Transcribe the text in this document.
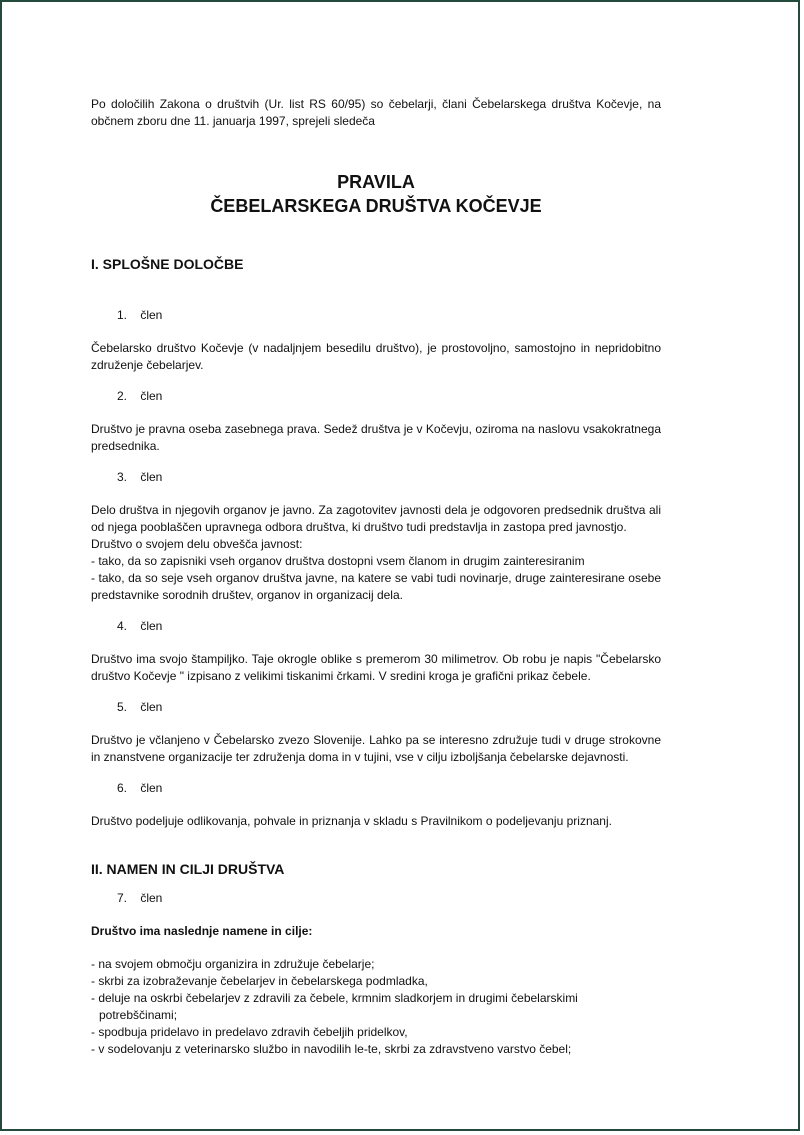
Po določilih Zakona o društvih (Ur. list RS 60/95) so čebelarji, člani Čebelarskega društva Kočevje, na občnem zboru dne 11. januarja 1997, sprejeli sledeča

PRAVILA

ČEBELARSKEGA DRUŠTVA KOČEVJE

I. SPLOŠNE DOLOČBE

1. člen

Čebelarsko društvo Kočevje (v nadaljnjem besedilu društvo), je prostovoljno, samostojno in nepridobitno združenje čebelarjev.

2. člen

Društvo je pravna oseba zasebnega prava. Sedež društva je v Kočevju, oziroma na naslovu vsakokratnega predsednika.

3. člen

Delo društva in njegovih organov je javno. Za zagotovitev javnosti dela je odgovoren predsednik društva ali od njega pooblaščen upravnega odbora društva, ki društvo tudi predstavlja in zastopa pred javnostjo.

Društvo o svojem delu obvešča javnost:

- tako, da so zapisniki vseh organov društva dostopni vsem članom in drugim zainteresiranim

- tako, da so seje vseh organov društva javne, na katere se vabi tudi novinarje, druge zainteresirane osebe predstavnike sorodnih društev, organov in organizacij dela.

4. člen

Društvo ima svojo štampiljko. Taje okrogle oblike s premerom 30 milimetrov. Ob robu je napis "Čebelarsko društvo Kočevje " izpisano z velikimi tiskanimi črkami. V sredini kroga je grafični prikaz čebele.

5. člen

Društvo je včlanjeno v Čebelarsko zvezo Slovenije. Lahko pa se interesno združuje tudi v druge strokovne in znanstvene organizacije ter združenja doma in v tujini, vse v cilju izboljšanja čebelarske dejavnosti.

6. člen

Društvo podeljuje odlikovanja, pohvale in priznanja v skladu s Pravilnikom o podeljevanju priznanj.

II. NAMEN IN CILJI DRUŠTVA

7. člen

Društvo ima naslednje namene in cilje:

- na svojem območju organizira in združuje čebelarje;

- skrbi za izobraževanje čebelarjev in čebelarskega podmladka,

- deluje na oskrbi čebelarjev z zdravili za čebele, krmnim sladkorjem in drugimi čebelarskimi

potrebščinami;

- spodbuja pridelavo in predelavo zdravih čebeljih pridelkov,

- v sodelovanju z veterinarsko službo in navodilih le-te, skrbi za zdravstveno varstvo čebel;
